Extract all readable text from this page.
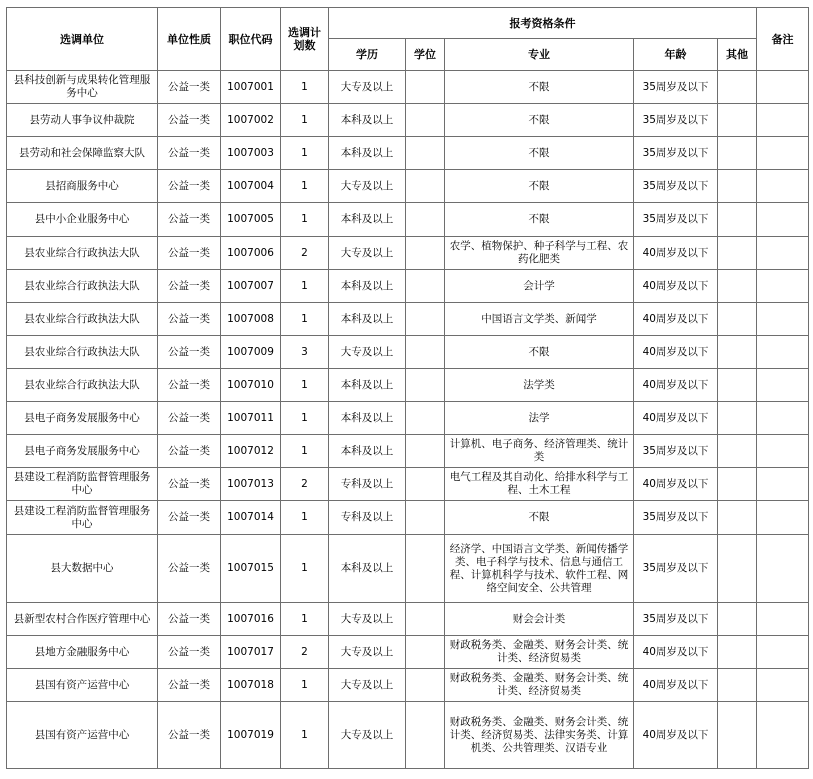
选调单位	单位性质	职位代码	选调计划数	报考资格条件					备注
				学历	学位	专业	年龄	其他	
县科技创新与成果转化管理服务中心	公益一类	1007001	1	大专及以上		不限	35周岁及以下		
县劳动人事争议仲裁院	公益一类	1007002	1	本科及以上		不限	35周岁及以下		
县劳动和社会保障监察大队	公益一类	1007003	1	本科及以上		不限	35周岁及以下		
县招商服务中心	公益一类	1007004	1	大专及以上		不限	35周岁及以下		
县中小企业服务中心	公益一类	1007005	1	本科及以上		不限	35周岁及以下		
县农业综合行政执法大队	公益一类	1007006	2	大专及以上		农学、植物保护、种子科学与工程、农药化肥类	40周岁及以下		
县农业综合行政执法大队	公益一类	1007007	1	本科及以上		会计学	40周岁及以下		
县农业综合行政执法大队	公益一类	1007008	1	本科及以上		中国语言文学类、新闻学	40周岁及以下		
县农业综合行政执法大队	公益一类	1007009	3	大专及以上		不限	40周岁及以下		
县农业综合行政执法大队	公益一类	1007010	1	本科及以上		法学类	40周岁及以下		
县电子商务发展服务中心	公益一类	1007011	1	本科及以上		法学	40周岁及以下		
县电子商务发展服务中心	公益一类	1007012	1	本科及以上		计算机、电子商务、经济管理类、统计类	35周岁及以下		
县建设工程消防监督管理服务中心	公益一类	1007013	2	专科及以上		电气工程及其自动化、给排水科学与工程、土木工程	40周岁及以下		
县建设工程消防监督管理服务中心	公益一类	1007014	1	专科及以上		不限	35周岁及以下		
县大数据中心	公益一类	1007015	1	本科及以上		经济学、中国语言文学类、新闻传播学类、电子科学与技术、信息与通信工程、计算机科学与技术、软件工程、网络空间安全、公共管理	35周岁及以下		
县新型农村合作医疗管理中心	公益一类	1007016	1	大专及以上		财会会计类	35周岁及以下		
县地方金融服务中心	公益一类	1007017	2	大专及以上		财政税务类、金融类、财务会计类、统计类、经济贸易类	40周岁及以下		
县国有资产运营中心	公益一类	1007018	1	大专及以上		财政税务类、金融类、财务会计类、统计类、经济贸易类	40周岁及以下		
县国有资产运营中心	公益一类	1007019	1	大专及以上		财政税务类、金融类、财务会计类、统计类、经济贸易类、法律实务类、计算机类、公共管理类、汉语专业	40周岁及以下		
